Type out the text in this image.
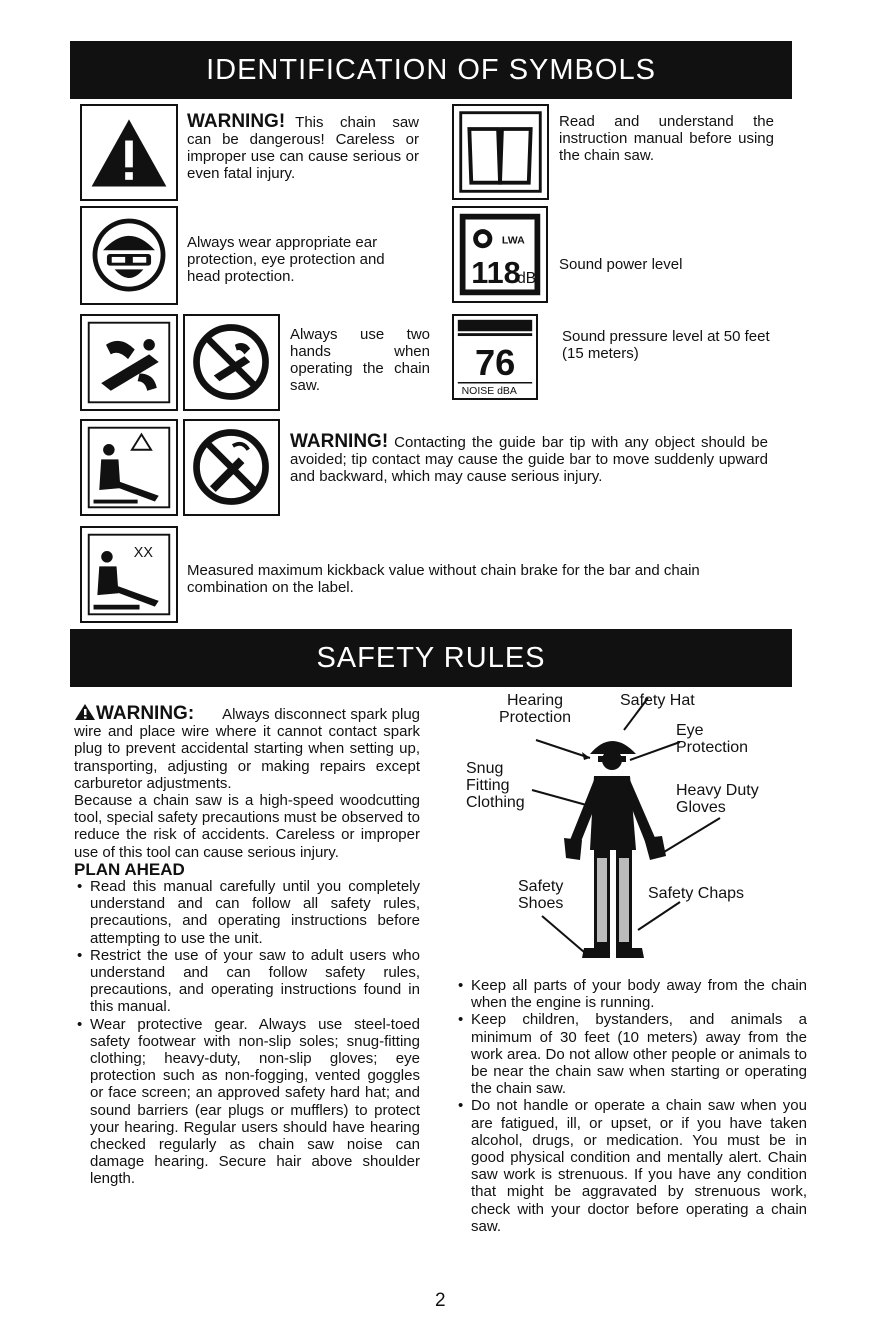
IDENTIFICATION OF SYMBOLS
WARNING! This chain saw can be dangerous! Careless or improper use can cause serious or even fatal injury.
Read and understand the instruction manual before using the chain saw.
Always wear appropriate ear protection, eye protection and head protection.
LWA
118
dB
Sound power level
Always use two hands when operating the chain saw.
76
NOISE dBA
Sound pressure level at 50 feet (15 meters)
WARNING! Contacting the guide bar tip with any object should be avoided; tip contact may cause the guide bar to move suddenly upward and backward, which may cause serious injury.
XX
Measured maximum kickback value without chain brake for the bar and chain combination on the label.
SAFETY RULES

WARNING: Always disconnect spark plug wire and place wire where it cannot contact spark plug to prevent accidental starting when setting up, transporting, adjusting or making repairs except carburetor adjustments.

Because a chain saw is a high-speed woodcutting tool, special safety precautions must be observed to reduce the risk of accidents. Careless or improper use of this tool can cause serious injury.

PLAN AHEAD

• Read this manual carefully until you completely understand and can follow all safety rules, precautions, and operating instructions before attempting to use the unit.
• Restrict the use of your saw to adult users who understand and can follow safety rules, precautions, and operating instructions found in this manual.
• Wear protective gear. Always use steel-toed safety footwear with non-slip soles; snug-fitting clothing; heavy-duty, non-slip gloves; eye protection such as non-fogging, vented goggles or face screen; an approved safety hard hat; and sound barriers (ear plugs or mufflers) to protect your hearing. Regular users should have hearing checked regularly as chain saw noise can damage hearing. Secure hair above shoulder length.
Hearing Protection
Safety Hat
Eye Protection
Snug Fitting Clothing
Heavy Duty Gloves
Safety Shoes
Safety Chaps
• Keep all parts of your body away from the chain when the engine is running.
• Keep children, bystanders, and animals a minimum of 30 feet (10 meters) away from the work area. Do not allow other people or animals to be near the chain saw when starting or operating the chain saw.
• Do not handle or operate a chain saw when you are fatigued, ill, or upset, or if you have taken alcohol, drugs, or medication. You must be in good physical condition and mentally alert. Chain saw work is strenuous. If you have any condition that might be aggravated by strenuous work, check with your doctor before operating a chain saw.
2
